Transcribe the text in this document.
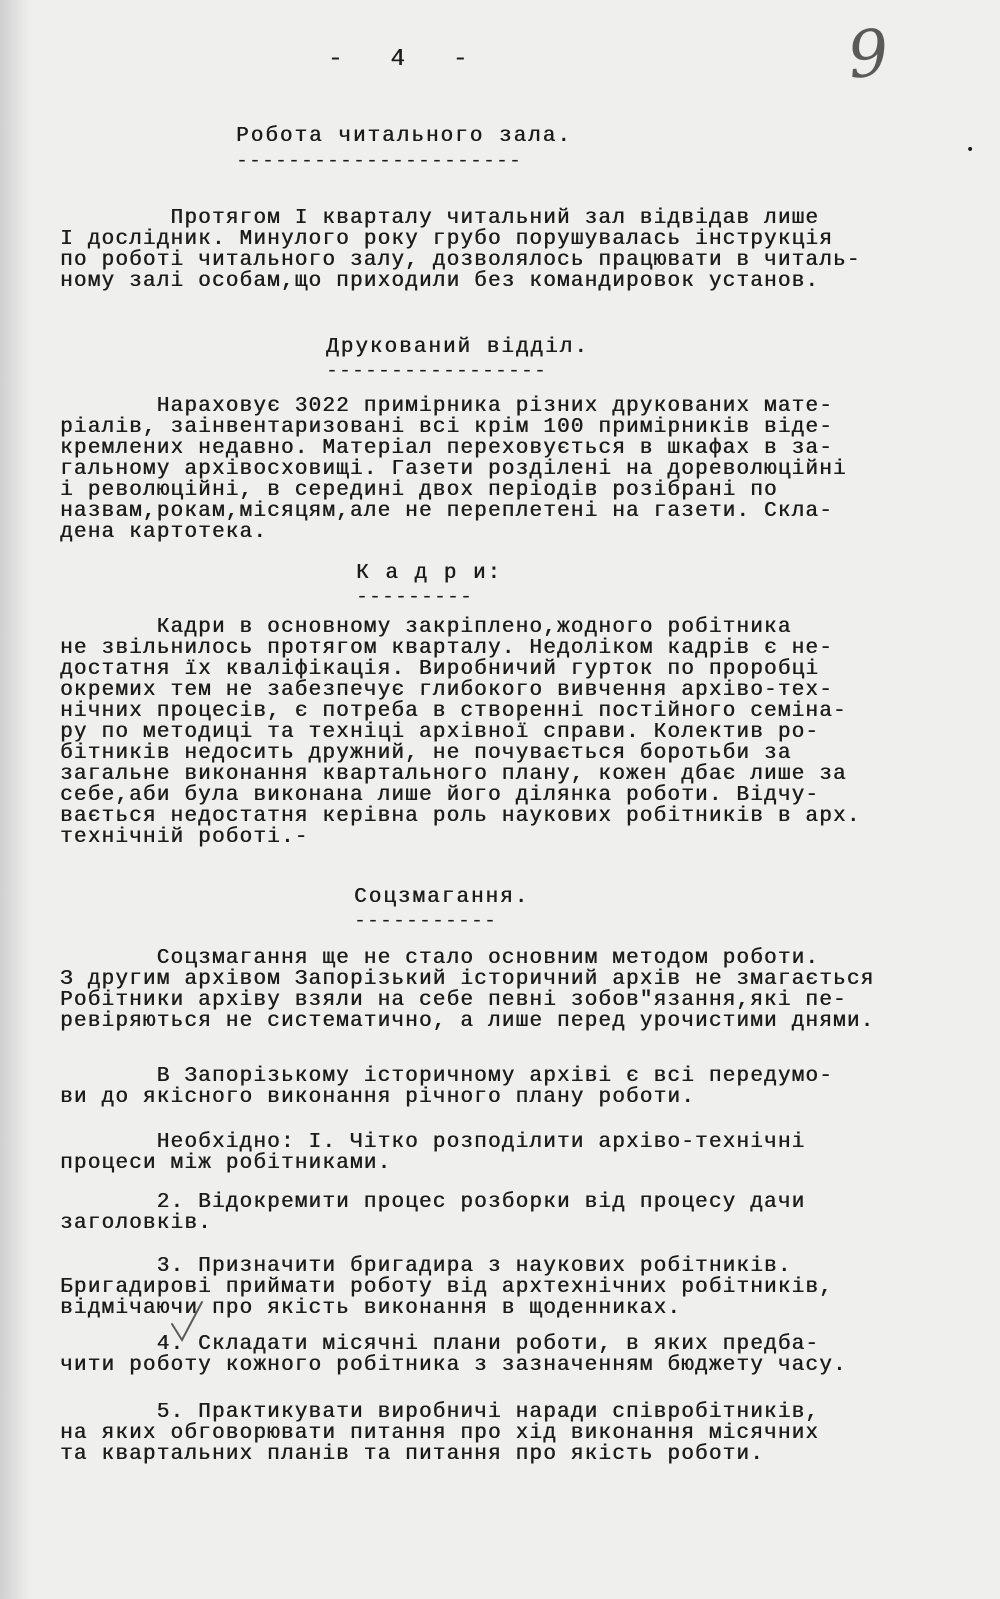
9

•

-   4   -

Робота читального зала.

----------------------

Протягом I кварталу читальний зал відвідав лише
I дослідник. Минулого року грубо порушувалась інструкція
по роботі читального залу, дозволялось працювати в читаль-
ному залі особам,що приходили без командировок установ.

Друкований відділ.

-----------------

Нараховує 3022 примірника різних друкованих мате-
ріалів, заінвентаризовані всі крім 100 примірників віде-
кремлених недавно. Матеріал переховується в шкафах в за-
гальному архівосховищі. Газети розділені на дореволюційні
і революційні, в середині двох періодів розібрані по
назвам,рокам,місяцям,але не переплетені на газети. Скла-
дена картотека.

К а д р и:

---------

Кадри в основному закріплено,жодного робітника
не звільнилось протягом кварталу. Недоліком кадрів є не-
достатня їх кваліфікація. Виробничий гурток по проробці
окремих тем не забезпечує глибокого вивчення архіво-тех-
нічних процесів, є потреба в створенні постійного семіна-
ру по методиці та техніці архівної справи. Колектив ро-
бітників недосить дружний, не почувається боротьби за
загальне виконання квартального плану, кожен дбає лише за
себе,аби була виконана лише його ділянка роботи. Відчу-
вається недостатня керівна роль наукових робітників в арх.
технічній роботі.-

Соцзмагання.

-----------

Соцзмагання ще не стало основним методом роботи.
З другим архівом Запорізький історичний архів не змагається
Робітники архіву взяли на себе певні зобов"язання,які пе-
ревіряються не систематично, а лише перед урочистими днями.
В Запорізькому історичному архіві є всі передумо-
ви до якісного виконання річного плану роботи.
Необхідно: I. Чітко розподілити архіво-технічні
процеси між робітниками.
2. Відокремити процес розборки від процесу дачи
заголовків.
3. Призначити бригадира з наукових робітників.
Бригадирові приймати роботу від архтехнічних робітників,
відмічаючи про якість виконання в щоденниках.
4. Складати місячні плани роботи, в яких предба-
чити роботу кожного робітника з зазначенням бюджету часу.
5. Практикувати виробничі наради співробітників,
на яких обговорювати питання про хід виконання місячних
та квартальних планів та питання про якість роботи.
